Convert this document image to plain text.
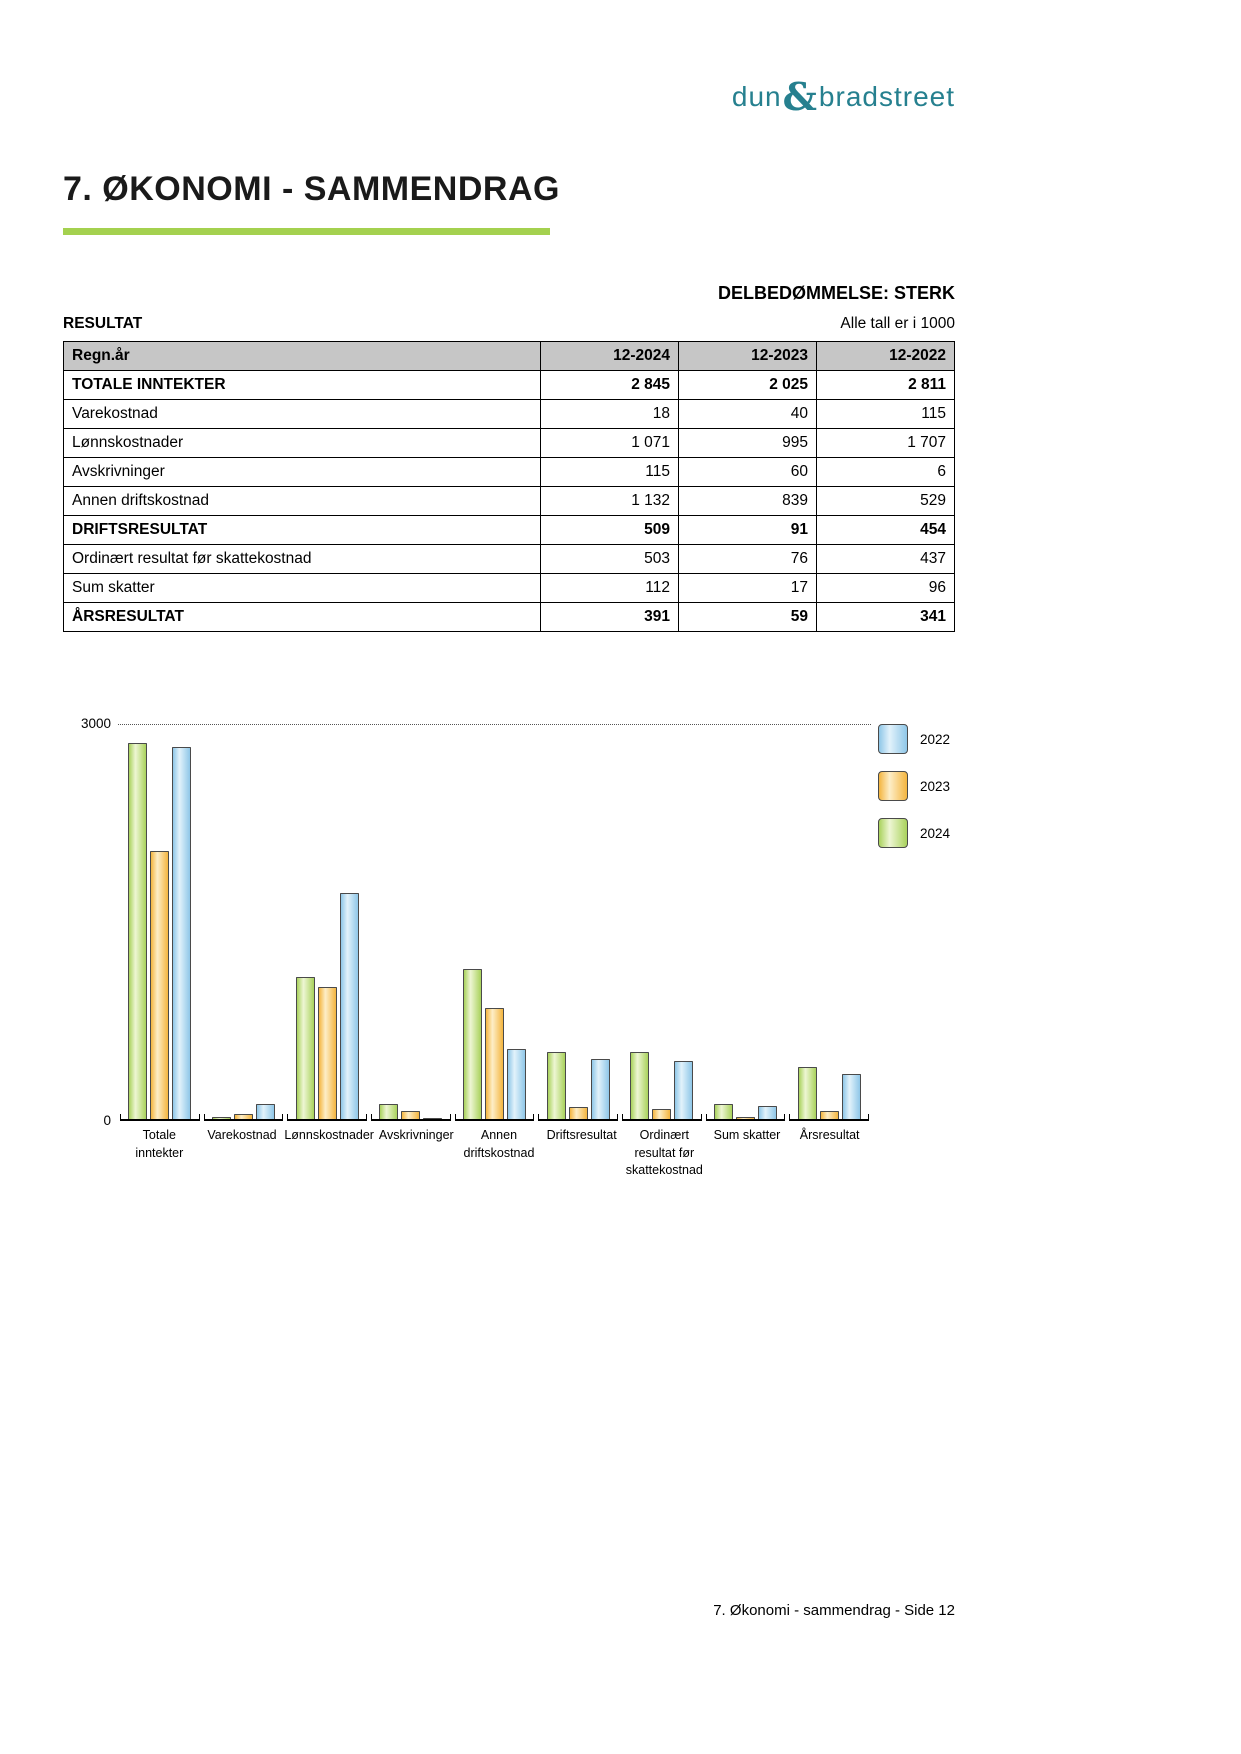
dun&bradstreet
7. ØKONOMI - SAMMENDRAG
DELBEDØMMELSE: STERK
RESULTAT	Alle tall er i 1000
Regn.år	12-2024	12-2023	12-2022
TOTALE INNTEKTER	2 845	2 025	2 811
Varekostnad	18	40	115
Lønnskostnader	1 071	995	1 707
Avskrivninger	115	60	6
Annen driftskostnad	1 132	839	529
DRIFTSRESULTAT	509	91	454
Ordinært resultat før skattekostnad	503	76	437
Sum skatter	112	17	96
ÅRSRESULTAT	391	59	341
3000
0
Totale inntekter
Varekostnad Lønnskostnader Avskrivninger	Annen driftskostnad
Driftsresultat	Ordinært resultat før skattekostnad
Sum skatter	Årsresultat
2022
2023
2024
7. Økonomi - sammendrag - Side 12
